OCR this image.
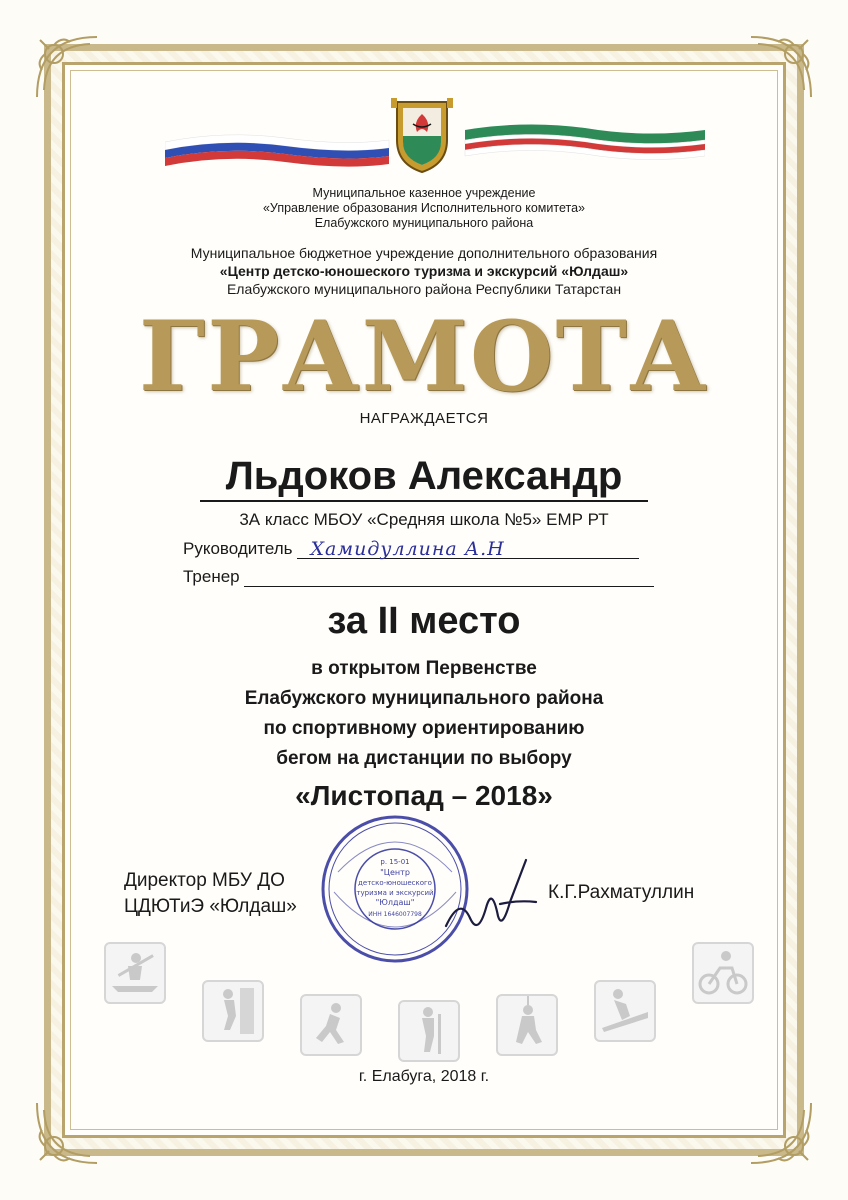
Муниципальное казенное учреждение
«Управление образования Исполнительного комитета»
Елабужского муниципального района
Муниципальное бюджетное учреждение дополнительного образования
«Центр детско-юношеского туризма и экскурсий «Юлдаш»
Елабужского муниципального района Республики Татарстан
ГРАМОТА
НАГРАЖДАЕТСЯ
Льдоков Александр
3А класс МБОУ «Средняя школа №5» ЕМР РТ
Руководитель Хамидуллина А.Н
Тренер
за II место
в открытом Первенстве
Елабужского муниципального района
по спортивному ориентированию
бегом на дистанции по выбору
«Листопад – 2018»
Директор МБУ ДО
ЦДЮТиЭ «Юлдаш»
р. 15-01
"Центр
детско-юношеского
туризма и экскурсий
"Юлдаш"
ИНН 1646007798
К.Г.Рахматуллин
г. Елабуга, 2018 г.
